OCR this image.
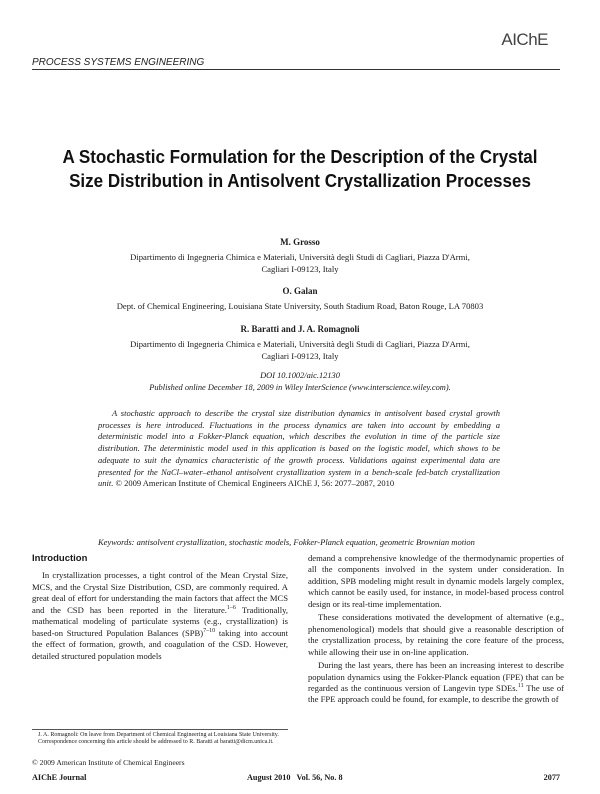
AIChE
PROCESS SYSTEMS ENGINEERING
A Stochastic Formulation for the Description of the Crystal Size Distribution in Antisolvent Crystallization Processes
M. Grosso
Dipartimento di Ingegneria Chimica e Materiali, Università degli Studi di Cagliari, Piazza D'Armi,
Cagliari I-09123, Italy
O. Galan
Dept. of Chemical Engineering, Louisiana State University, South Stadium Road, Baton Rouge, LA 70803
R. Baratti and J. A. Romagnoli
Dipartimento di Ingegneria Chimica e Materiali, Università degli Studi di Cagliari, Piazza D'Armi,
Cagliari I-09123, Italy
DOI 10.1002/aic.12130
Published online December 18, 2009 in Wiley InterScience (www.interscience.wiley.com).
A stochastic approach to describe the crystal size distribution dynamics in antisolvent based crystal growth processes is here introduced. Fluctuations in the process dynamics are taken into account by embedding a deterministic model into a Fokker-Planck equation, which describes the evolution in time of the particle size distribution. The deterministic model used in this application is based on the logistic model, which shows to be adequate to suit the dynamics characteristic of the growth process. Validations against experimental data are presented for the NaCl–water–ethanol antisolvent crystallization system in a bench-scale fed-batch crystallization unit. © 2009 American Institute of Chemical Engineers AIChE J, 56: 2077–2087, 2010
Keywords: antisolvent crystallization, stochastic models, Fokker-Planck equation, geometric Brownian motion
Introduction

In crystallization processes, a tight control of the Mean Crystal Size, MCS, and the Crystal Size Distribution, CSD, are commonly required. A great deal of effort for understanding the main factors that affect the MCS and the CSD has been reported in the literature.$^{1-6}$ Traditionally, mathematical modeling of particulate systems (e.g., crystallization) is based-on Structured Population Balances (SPB)$^{7-10}$ taking into account the effect of formation, growth, and coagulation of the CSD. However, detailed structured population models

demand a comprehensive knowledge of the thermodynamic properties of all the components involved in the system under consideration. In addition, SPB modeling might result in dynamic models largely complex, which cannot be easily used, for instance, in model-based process control design or its real-time implementation.

These considerations motivated the development of alternative (e.g., phenomenological) models that should give a reasonable description of the crystallization process, by retaining the core feature of the process, while allowing their use in on-line application.

During the last years, there has been an increasing interest to describe population dynamics using the Fokker-Planck equation (FPE) that can be regarded as the continuous version of Langevin type SDEs.$^{11}$ The use of the FPE approach could be found, for example, to describe the growth of

J. A. Romagnoli: On leave from Department of Chemical Engineering at Louisiana State University.

Correspondence concerning this article should be addressed to R. Baratti at baratti@dicm.unica.it.

© 2009 American Institute of Chemical Engineers
AIChE Journal	August 2010   Vol. 56, No. 8	2077
